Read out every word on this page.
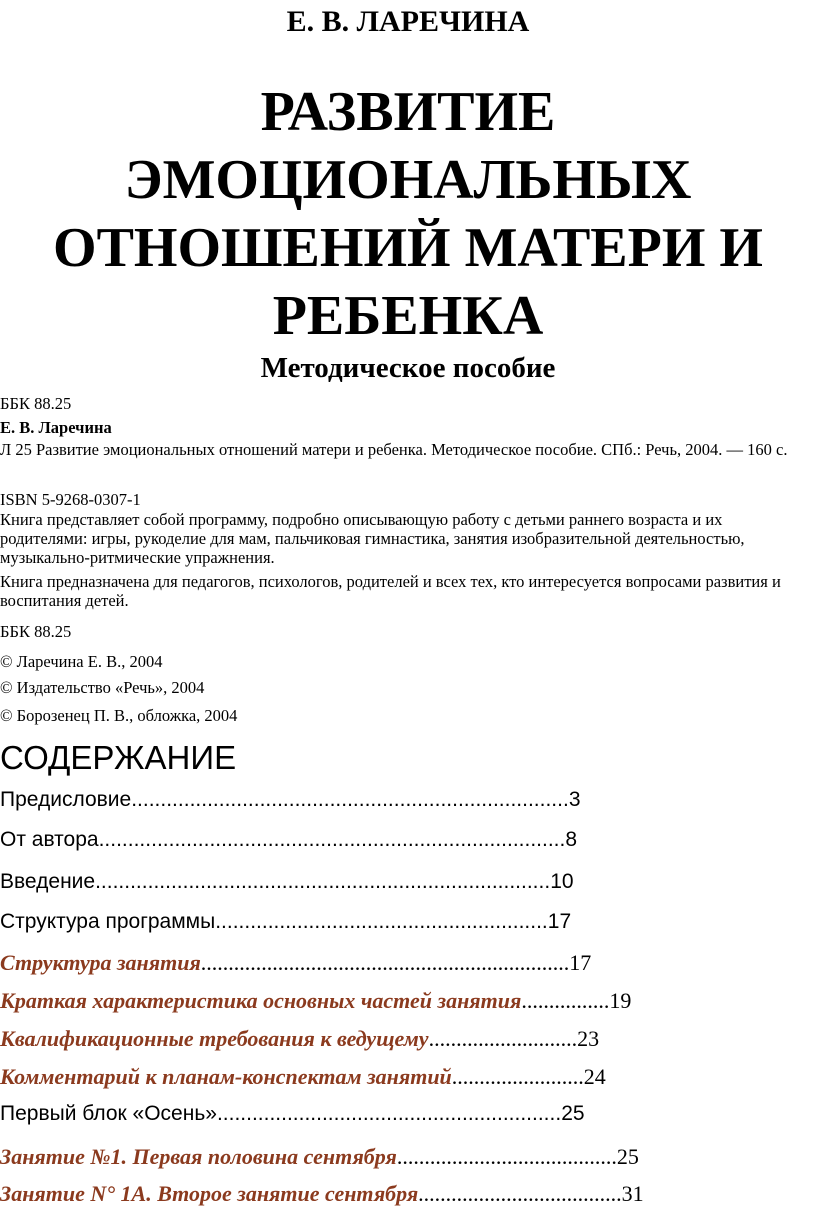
Е. В. ЛАРЕЧИНА
РАЗВИТИЕ
ЭМОЦИОНАЛЬНЫХ
ОТНОШЕНИЙ МАТЕРИ И
РЕБЕНКА
Методическое пособие
ББК 88.25
Е. В. Ларечина
Л 25 Развитие эмоциональных отношений матери и ребенка. Методическое пособие. СПб.: Речь, 2004. — 160 с.
ISBN 5-9268-0307-1
Книга представляет собой программу, подробно описывающую работу с детьми раннего возраста и их родителями: игры, рукоделие для мам, пальчиковая гимнастика, занятия изобразительной деятельностью, музыкально-ритмические упражнения.
Книга предназначена для педагогов, психологов, родителей и всех тех, кто интересуется вопросами развития и воспитания детей.
ББК 88.25
© Ларечина Е. В., 2004
© Издательство «Речь», 2004
© Борозенец П. В., обложка, 2004
СОДЕРЖАНИЕ
Предисловие...........................................................................3
От автора................................................................................8
Введение..............................................................................10
Структура программы.........................................................17
Структура занятия...................................................................17
Краткая характеристика основных частей занятия................19
Квалификационные требования к ведущему...........................23
Комментарий к планам-конспектам занятий........................24
Первый блок «Осень»...........................................................25
Занятие №1. Первая половина сентября........................................25
Занятие N° 1А. Второе занятие сентября.....................................31
